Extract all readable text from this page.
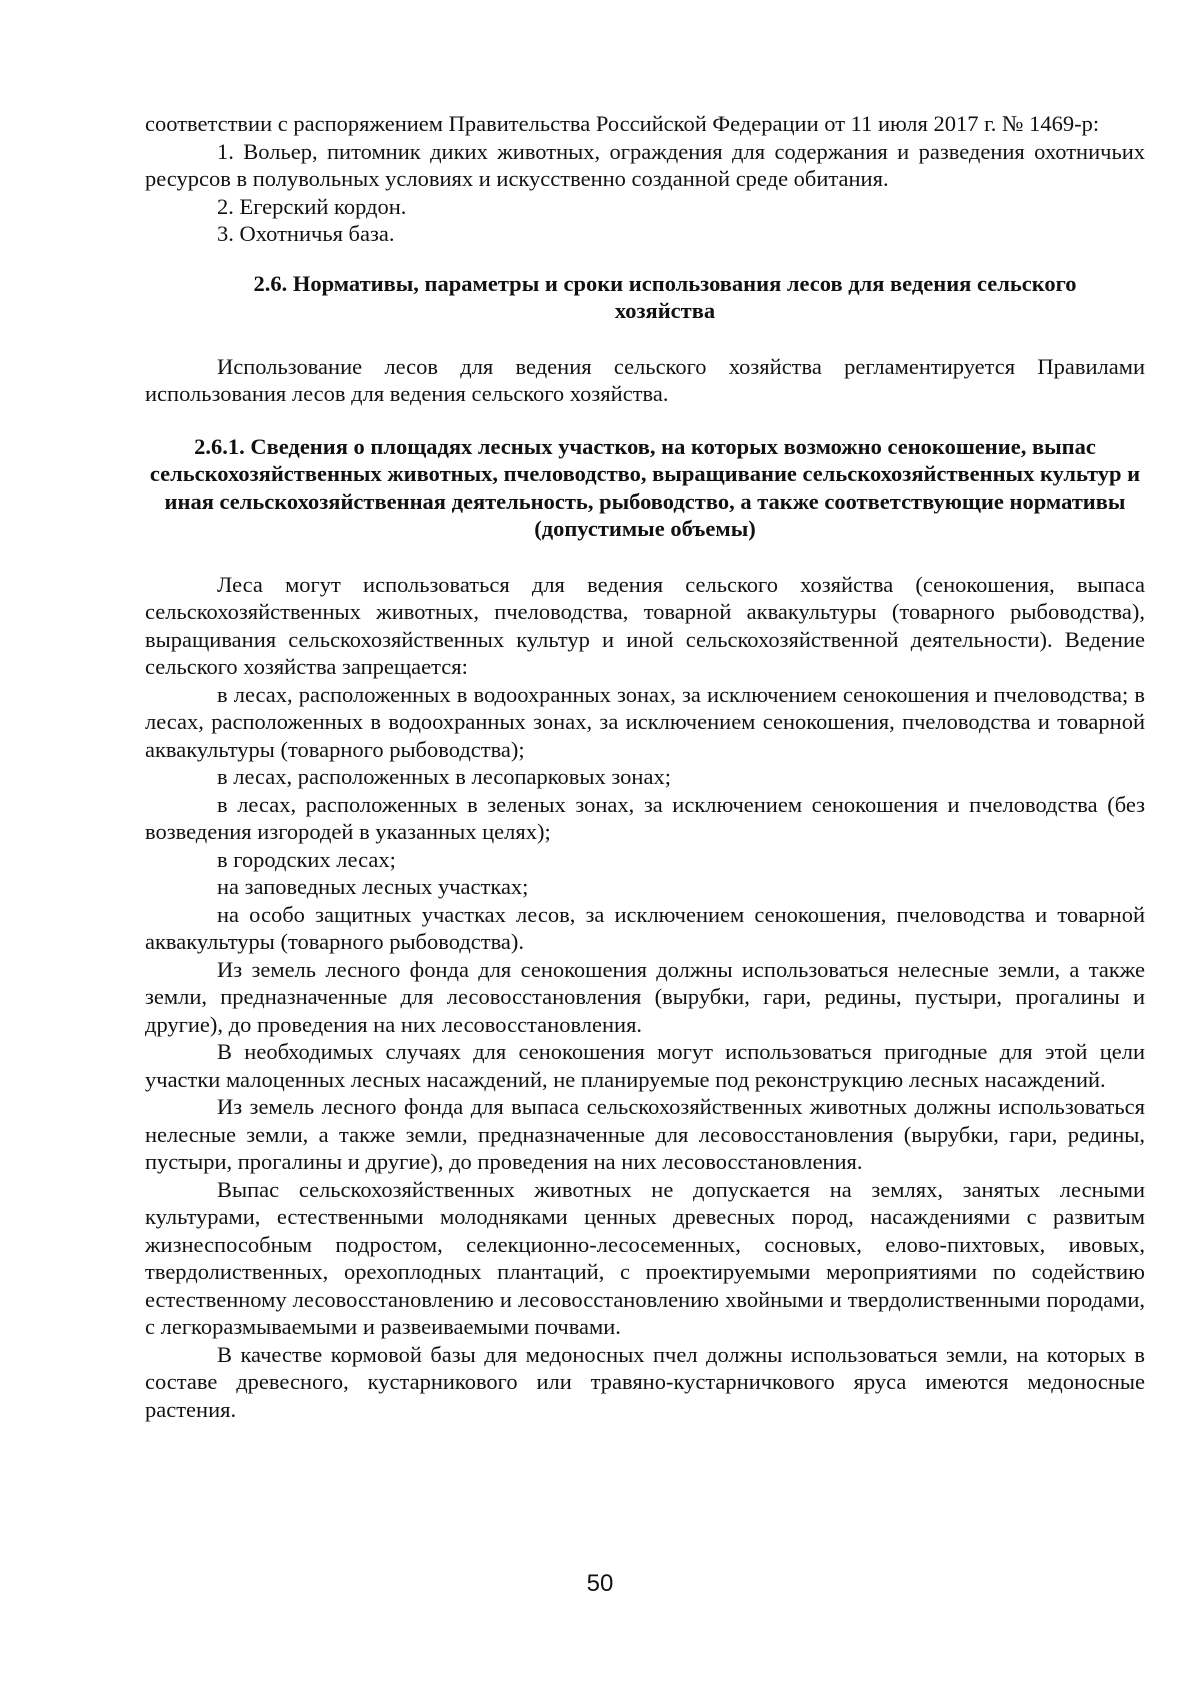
соответствии с распоряжением Правительства Российской Федерации от 11 июля 2017 г. № 1469-р:

1. Вольер, питомник диких животных, ограждения для содержания и разведения охотничьих ресурсов в полувольных условиях и искусственно созданной среде обитания.

2. Егерский кордон.

3. Охотничья база.

2.6. Нормативы, параметры и сроки использования лесов для ведения сельского хозяйства

Использование лесов для ведения сельского хозяйства регламентируется Правилами использования лесов для ведения сельского хозяйства.

2.6.1. Сведения о площадях лесных участков, на которых возможно сенокошение, выпас сельскохозяйственных животных, пчеловодство, выращивание сельскохозяйственных культур и иная сельскохозяйственная деятельность, рыбоводство, а также соответствующие нормативы (допустимые объемы)

Леса могут использоваться для ведения сельского хозяйства (сенокошения, выпаса сельскохозяйственных животных, пчеловодства, товарной аквакультуры (товарного рыбоводства), выращивания сельскохозяйственных культур и иной сельскохозяйственной деятельности). Ведение сельского хозяйства запрещается:

в лесах, расположенных в водоохранных зонах, за исключением сенокошения и пчеловодства; в лесах, расположенных в водоохранных зонах, за исключением сенокошения, пчеловодства и товарной аквакультуры (товарного рыбоводства);

в лесах, расположенных в лесопарковых зонах;

в лесах, расположенных в зеленых зонах, за исключением сенокошения и пчеловодства (без возведения изгородей в указанных целях);

в городских лесах;

на заповедных лесных участках;

на особо защитных участках лесов, за исключением сенокошения, пчеловодства и товарной аквакультуры (товарного рыбоводства).

Из земель лесного фонда для сенокошения должны использоваться нелесные земли, а также земли, предназначенные для лесовосстановления (вырубки, гари, редины, пустыри, прогалины и другие), до проведения на них лесовосстановления.

В необходимых случаях для сенокошения могут использоваться пригодные для этой цели участки малоценных лесных насаждений, не планируемые под реконструкцию лесных насаждений.

Из земель лесного фонда для выпаса сельскохозяйственных животных должны использоваться нелесные земли, а также земли, предназначенные для лесовосстановления (вырубки, гари, редины, пустыри, прогалины и другие), до проведения на них лесовосстановления.

Выпас сельскохозяйственных животных не допускается на землях, занятых лесными культурами, естественными молодняками ценных древесных пород, насаждениями с развитым жизнеспособным подростом, селекционно-лесосеменных, сосновых, елово-пихтовых, ивовых, твердолиственных, орехоплодных плантаций, с проектируемыми мероприятиями по содействию естественному лесовосстановлению и лесовосстановлению хвойными и твердолиственными породами, с легкоразмываемыми и развеиваемыми почвами.

В качестве кормовой базы для медоносных пчел должны использоваться земли, на которых в составе древесного, кустарникового или травяно-кустарничкового яруса имеются медоносные растения.

50
